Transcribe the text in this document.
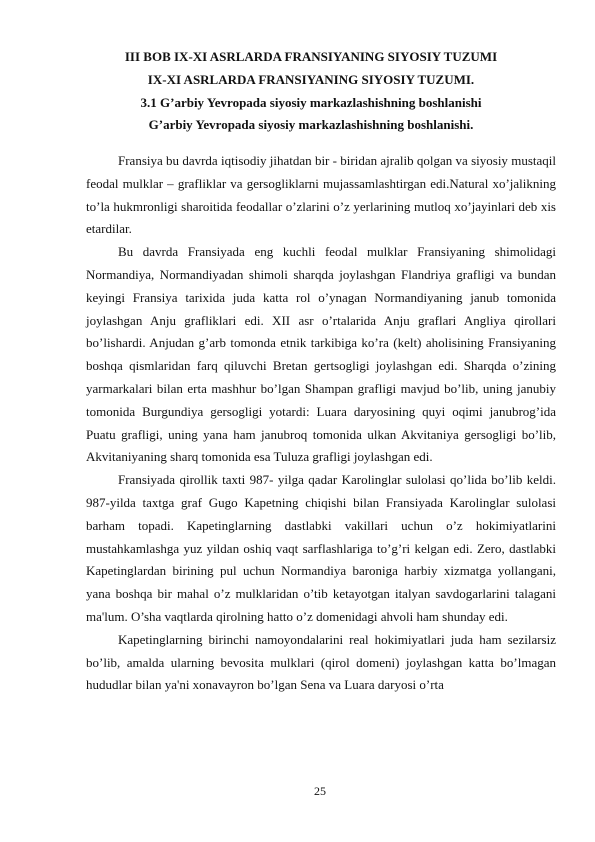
III BOB IX-XI ASRLARDA FRANSIYANING SIYOSIY TUZUMI
IX-XI ASRLARDA FRANSIYANING SIYOSIY TUZUMI.
3.1 G’arbiy Yevropada siyosiy markazlashishning boshlanishi
G’arbiy Yevropada siyosiy markazlashishning boshlanishi.

Fransiya bu davrda iqtisodiy jihatdan bir - biridan ajralib qolgan va siyosiy mustaqil feodal mulklar – grafliklar va gersogliklarni mujassamlashtirgan edi.Natural xo’jalikning to’la hukmronligi sharoitida feodallar o’zlarini o’z yerlarining mutloq xo’jayinlari deb xis etardilar.

Bu davrda Fransiyada eng kuchli feodal mulklar Fransiyaning shimolidagi Normandiya, Normandiyadan shimoli sharqda joylashgan Flandriya grafligi va bundan keyingi Fransiya tarixida juda katta rol o’ynagan Normandiyaning janub tomonida joylashgan Anju grafliklari edi. XII asr o’rtalarida Anju graflari Angliya qirollari bo’lishardi. Anjudan g’arb tomonda etnik tarkibiga ko’ra (kelt) aholisining Fransiyaning boshqa qismlaridan farq qiluvchi Bretan gertsogligi joylashgan edi. Sharqda o’zining yarmarkalari bilan erta mashhur bo’lgan Shampan grafligi mavjud bo’lib, uning janubiy tomonida Burgundiya gersogligi yotardi: Luara daryosining quyi oqimi janubrog’ida Puatu grafligi, uning yana ham janubroq tomonida ulkan Akvitaniya gersogligi bo’lib, Akvitaniyaning sharq tomonida esa Tuluza grafligi joylashgan edi.

Fransiyada qirollik taxti 987- yilga qadar Karolinglar sulolasi qo’lida bo’lib keldi. 987-yilda taxtga graf Gugo Kapetning chiqishi bilan Fransiyada Karolinglar sulolasi barham topadi. Kapetinglarning dastlabki vakillari uchun o’z hokimiyatlarini mustahkamlashga yuz yildan oshiq vaqt sarflashlariga to’g’ri kelgan edi. Zero, dastlabki Kapetinglardan birining pul uchun Normandiya baroniga harbiy xizmatga yollangani, yana boshqa bir mahal o’z mulklaridan o’tib ketayotgan italyan savdogarlarini talagani ma'lum. O’sha vaqtlarda qirolning hatto o’z domenidagi ahvoli ham shunday edi.

Kapetinglarning birinchi namoyondalarini real hokimiyatlari juda ham sezilarsiz bo’lib, amalda ularning bevosita mulklari (qirol domeni) joylashgan katta bo’lmagan hududlar bilan ya'ni xonavayron bo’lgan Sena va Luara daryosi o’rta

25
